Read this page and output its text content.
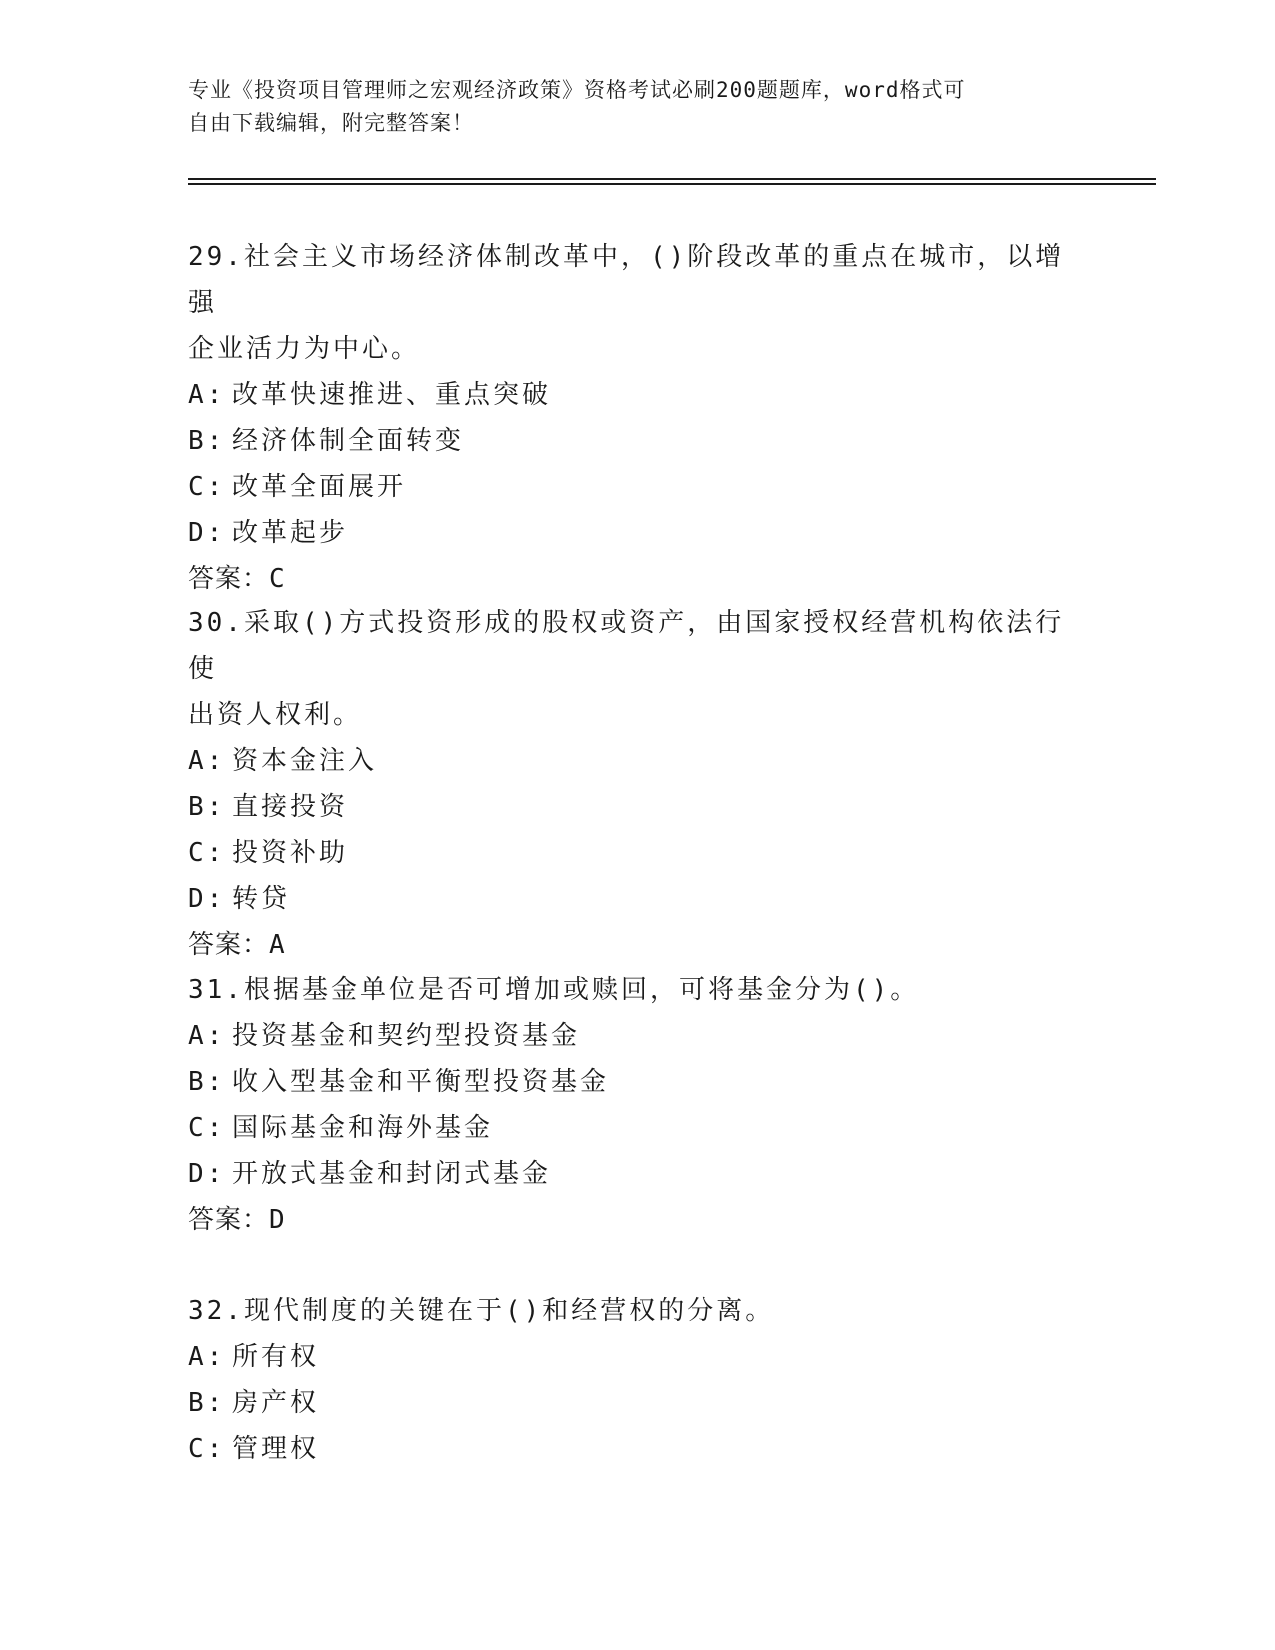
专业《投资项目管理师之宏观经济政策》资格考试必刷200题题库，word格式可
自由下载编辑，附完整答案！

29.社会主义市场经济体制改革中，()阶段改革的重点在城市，以增强

企业活力为中心。

A: 改革快速推进、重点突破

B: 经济体制全面转变

C: 改革全面展开

D: 改革起步

答案：C

30.采取()方式投资形成的股权或资产，由国家授权经营机构依法行使

出资人权利。

A: 资本金注入

B: 直接投资

C: 投资补助

D: 转贷

答案：A

31.根据基金单位是否可增加或赎回，可将基金分为()。

A: 投资基金和契约型投资基金

B: 收入型基金和平衡型投资基金

C: 国际基金和海外基金

D: 开放式基金和封闭式基金

答案：D

32.现代制度的关键在于()和经营权的分离。

A: 所有权

B: 房产权

C: 管理权
